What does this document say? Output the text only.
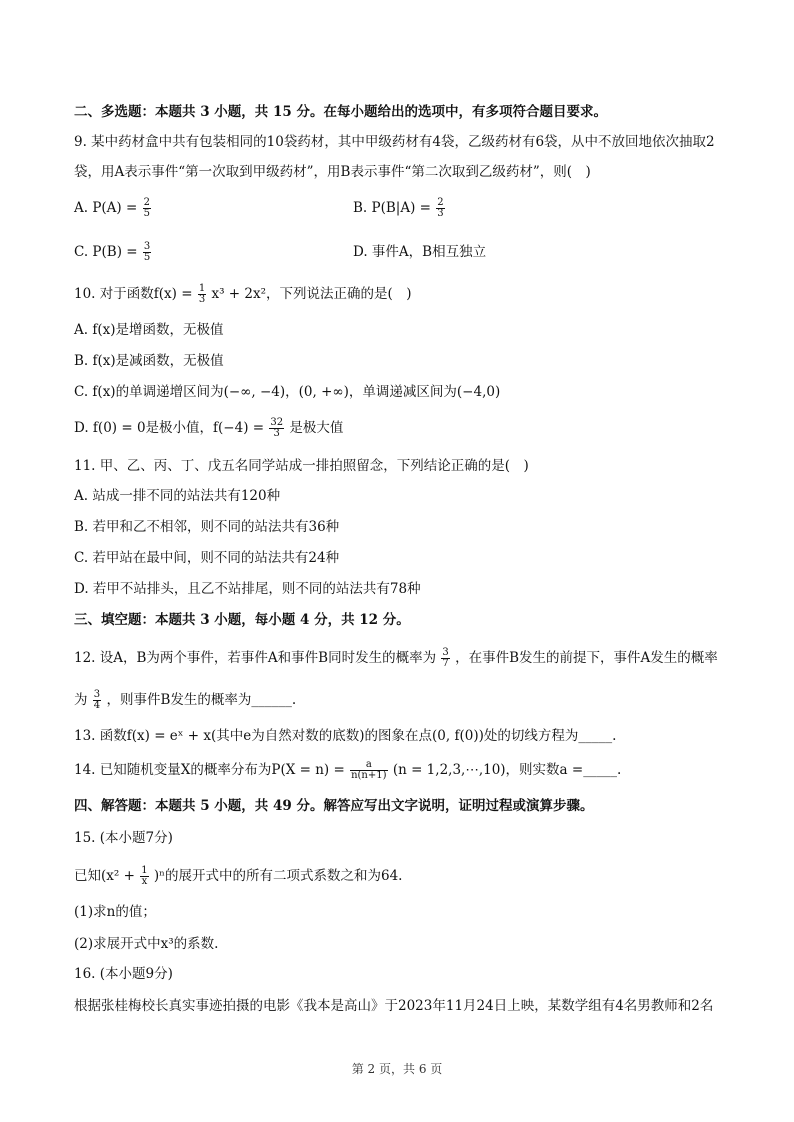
二、多选题：本题共 3 小题，共 15 分。在每小题给出的选项中，有多项符合题目要求。
9. 某中药材盒中共有包装相同的10袋药材，其中甲级药材有4袋，乙级药材有6袋，从中不放回地依次抽取2
袋，用A表示事件“第一次取到甲级药材”，用B表示事件“第二次取到乙级药材”，则(　)
A. $P(A) = \frac{2}{5}$	B. $P(B|A) = \frac{2}{3}$
C. $P(B) = \frac{3}{5}$	D. 事件A，B相互独立
10. 对于函数$f(x) = \frac{1}{3} x^3 + 2x^2$，下列说法正确的是(　)
A. f(x)是增函数，无极值
B. f(x)是减函数，无极值
C. f(x)的单调递增区间为(−∞, −4)，(0, +∞)，单调递减区间为(−4,0)
D. f(0) = 0是极小值，$f(-4) = \frac{32}{3}$ 是极大值
11. 甲、乙、丙、丁、戊五名同学站成一排拍照留念，下列结论正确的是(　)
A. 站成一排不同的站法共有120种
B. 若甲和乙不相邻，则不同的站法共有36种
C. 若甲站在最中间，则不同的站法共有24种
D. 若甲不站排头，且乙不站排尾，则不同的站法共有78种
三、填空题：本题共 3 小题，每小题 4 分，共 12 分。
12. 设A，B为两个事件，若事件A和事件B同时发生的概率为 $\frac{3}{7}$ ，在事件B发生的前提下，事件A发生的概率
为 $\frac{3}{4}$ ，则事件B发生的概率为______.
13. 函数f(x) = eˣ + x(其中e为自然对数的底数)的图象在点(0, f(0))处的切线方程为_____.
14. 已知随机变量X的概率分布为$P(X = n) = \frac{a}{n(n+1)} (n$ = 1,2,3,⋯,10)，则实数a =_____.
四、解答题：本题共 5 小题，共 49 分。解答应写出文字说明，证明过程或演算步骤。
15. (本小题7分)
已知$(x^2 + \frac{1}{x} )^n$的展开式中的所有二项式系数之和为64.
(1)求n的值；
(2)求展开式中x³的系数.
16. (本小题9分)
根据张桂梅校长真实事迹拍摄的电影《我本是高山》于2023年11月24日上映，某数学组有4名男教师和2名
第 2 页，共 6 页
